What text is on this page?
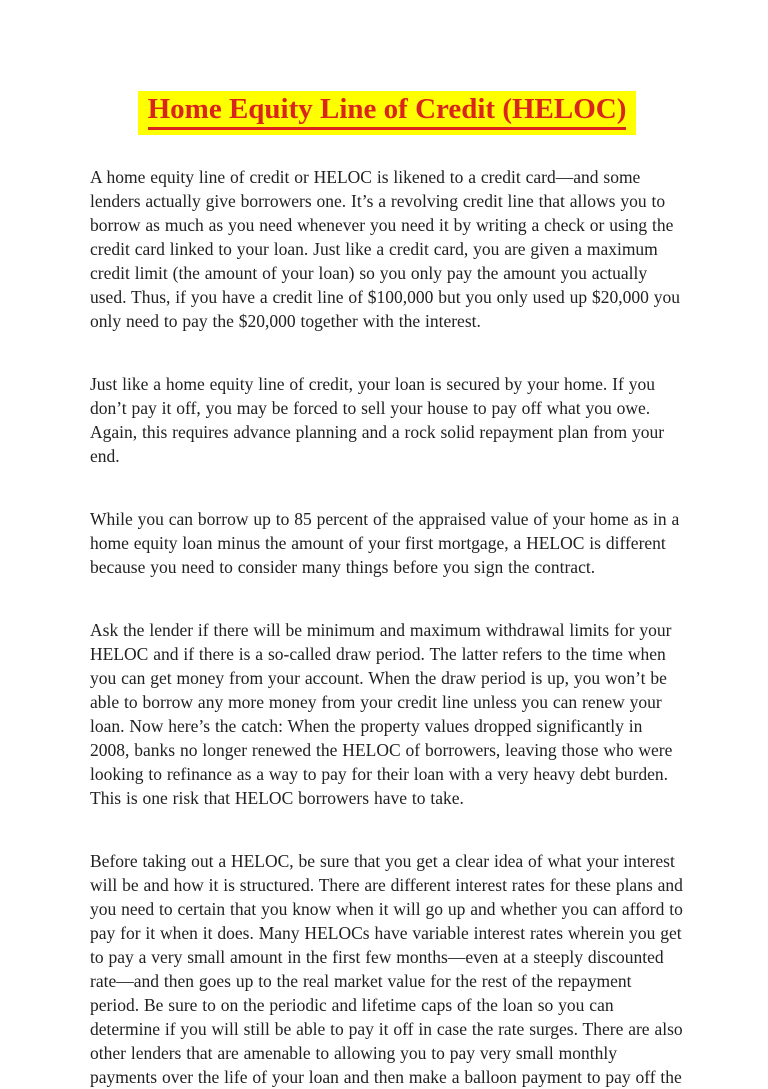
Home Equity Line of Credit (HELOC)

A home equity line of credit or HELOC is likened to a credit card—and some lenders actually give borrowers one. It’s a revolving credit line that allows you to borrow as much as you need whenever you need it by writing a check or using the credit card linked to your loan. Just like a credit card, you are given a maximum credit limit (the amount of your loan) so you only pay the amount you actually used. Thus, if you have a credit line of $100,000 but you only used up $20,000 you only need to pay the $20,000 together with the interest.

Just like a home equity line of credit, your loan is secured by your home. If you don’t pay it off, you may be forced to sell your house to pay off what you owe. Again, this requires advance planning and a rock solid repayment plan from your end.

While you can borrow up to 85 percent of the appraised value of your home as in a home equity loan minus the amount of your first mortgage, a HELOC is different because you need to consider many things before you sign the contract.

Ask the lender if there will be minimum and maximum withdrawal limits for your HELOC and if there is a so-called draw period. The latter refers to the time when you can get money from your account. When the draw period is up, you won’t be able to borrow any more money from your credit line unless you can renew your loan. Now here’s the catch: When the property values dropped significantly in 2008, banks no longer renewed the HELOC of borrowers, leaving those who were looking to refinance as a way to pay for their loan with a very heavy debt burden. This is one risk that HELOC borrowers have to take.

Before taking out a HELOC, be sure that you get a clear idea of what your interest will be and how it is structured. There are different interest rates for these plans and you need to certain that you know when it will go up and whether you can afford to pay for it when it does. Many HELOCs have variable interest rates wherein you get to pay a very small amount in the first few months—even at a steeply discounted rate—and then goes up to the real market value for the rest of the repayment period. Be sure to on the periodic and lifetime caps of the loan so you can determine if you will still be able to pay it off in case the rate surges. There are also other lenders that are amenable to allowing you to pay very small monthly payments over the life of your loan and then make a balloon payment to pay off the
